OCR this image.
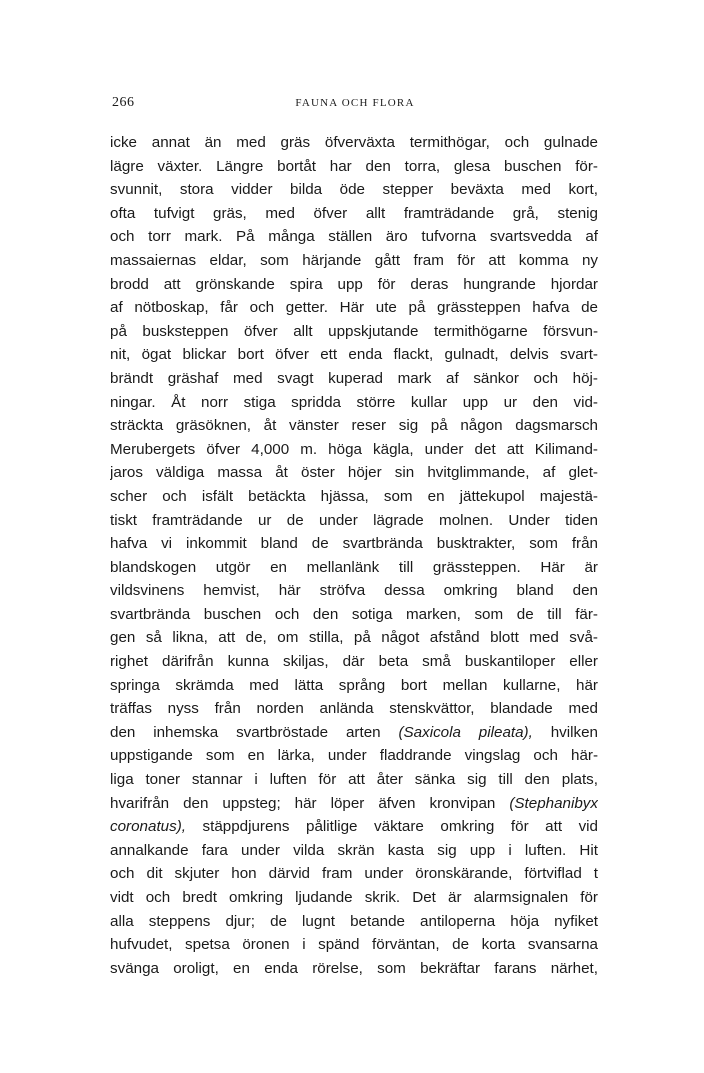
266	FAUNA OCH FLORA
icke annat än med gräs öfverväxta termithögar, och gulnade
lägre växter. Längre bortåt har den torra, glesa buschen för-
svunnit, stora vidder bilda öde stepper beväxta med kort,
ofta tufvigt gräs, med öfver allt framträdande grå, stenig
och torr mark. På många ställen äro tufvorna svartsvedda af
massaiernas eldar, som härjande gått fram för att komma ny
brodd att grönskande spira upp för deras hungrande hjordar
af nötboskap, får och getter. Här ute på grässteppen hafva de
på busksteppen öfver allt uppskjutande termithögarne försvun-
nit, ögat blickar bort öfver ett enda flackt, gulnadt, delvis svart-
brändt gräshaf med svagt kuperad mark af sänkor och höj-
ningar. Åt norr stiga spridda större kullar upp ur den vid-
sträckta gräsöknen, åt vänster reser sig på någon dagsmarsch
Merubergets öfver 4,000 m. höga kägla, under det att Kilimand-
jaros väldiga massa åt öster höjer sin hvitglimmande, af glet-
scher och isfält betäckta hjässa, som en jättekupol majestä-
tiskt framträdande ur de under lägrade molnen. Under tiden
hafva vi inkommit bland de svartbrända busktrakter, som från
blandskogen utgör en mellanlänk till grässteppen. Här är
vildsvinens hemvist, här ströfva dessa omkring bland den
svartbrända buschen och den sotiga marken, som de till fär-
gen så likna, att de, om stilla, på något afstånd blott med svå-
righet därifrån kunna skiljas, där beta små buskantiloper eller
springa skrämda med lätta språng bort mellan kullarne, här
träffas nyss från norden anlända stenskvättor, blandade med
den inhemska svartbröstade arten (Saxicola pileata), hvilken
uppstigande som en lärka, under fladdrande vingslag och här-
liga toner stannar i luften för att åter sänka sig till den plats,
hvarifrån den uppsteg; här löper äfven kronvipan (Stephanibyx
coronatus), stäppdjurens pålitlige väktare omkring för att vid
annalkande fara under vilda skrän kasta sig upp i luften. Hit
och dit skjuter hon därvid fram under öronskärande, förtviflad t
vidt och bredt omkring ljudande skrik. Det är alarmsignalen för
alla steppens djur; de lugnt betande antiloperna höja nyfiket
hufvudet, spetsa öronen i spänd förväntan, de korta svansarna
svänga oroligt, en enda rörelse, som bekräftar farans närhet,
